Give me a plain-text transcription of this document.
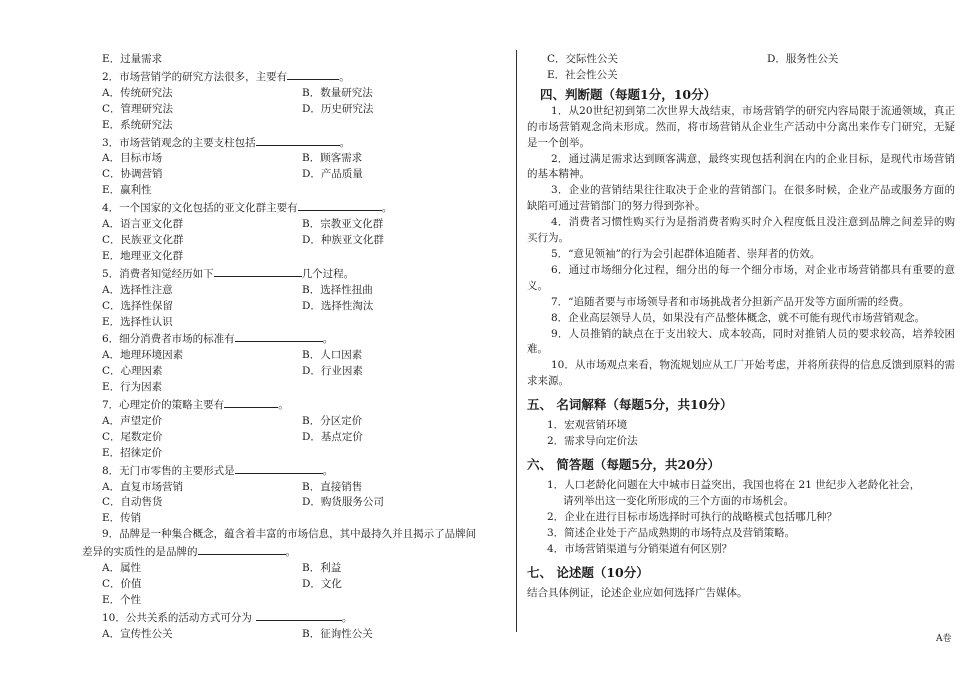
E．过量需求
2．市场营销学的研究方法很多，主要有	。
A．传统研究法	B．数量研究法
C．管理研究法	D．历史研究法
E．系统研究法
3．市场营销观念的主要支柱包括	。
A．目标市场	B．顾客需求
C．协调营销	D．产品质量
E．赢利性
4．一个国家的文化包括的亚文化群主要有	。
A．语言亚文化群	B．宗教亚文化群
C．民族亚文化群	D．种族亚文化群
E．地理亚文化群
5．消费者知觉经历如下	几个过程。
A．选择性注意	B．选择性扭曲
C．选择性保留	D．选择性淘汰
E．选择性认识
6．细分消费者市场的标准有	。
A．地理环境因素	B．人口因素
C．心理因素	D．行业因素
E．行为因素
7．心理定价的策略主要有	。
A．声望定价	B．分区定价
C．尾数定价	D．基点定价
E．招徕定价
8．无门市零售的主要形式是	。
A．直复市场营销	B．直接销售
C．自动售货	D．购货服务公司
E．传销
9．品牌是一种集合概念，蕴含着丰富的市场信息，其中最持久并且揭示了品牌间
差异的实质性的是品牌的	。
A．属性	B．利益
C．价值	D．文化
E．个性
10．公共关系的活动方式可分为	。
A．宣传性公关	B．征询性公关
C．交际性公关	D．服务性公关
E．社会性公关
四、判断题（每题1分，10分）
1．从20世纪初到第二次世界大战结束，市场营销学的研究内容局限于流通领域，真正的市场营销观念尚未形成。然而，将市场营销从企业生产活动中分离出来作专门研究，无疑是一个创举。
2．通过满足需求达到顾客满意，最终实现包括利润在内的企业目标，是现代市场营销的基本精神。
3．企业的营销结果往往取决于企业的营销部门。在很多时候，企业产品或服务方面的缺陷可通过营销部门的努力得到弥补。
4．消费者习惯性购买行为是指消费者购买时介入程度低且没注意到品牌之间差异的购买行为。
5．“意见领袖”的行为会引起群体追随者、崇拜者的仿效。
6．通过市场细分化过程，细分出的每一个细分市场，对企业市场营销都具有重要的意义。
7．“追随者要与市场领导者和市场挑战者分担新产品开发等方面所需的经费。
8．企业高层领导人员，如果没有产品整体概念，就不可能有现代市场营销观念。
9．人员推销的缺点在于支出较大、成本较高，同时对推销人员的要求较高，培养较困难。
10．从市场观点来看，物流规划应从工厂开始考虑，并将所获得的信息反馈到原料的需求来源。
五、 名词解释（每题5分，共10分）
1．宏观营销环境
2．需求导向定价法
六、 简答题（每题5分，共20分）
1．人口老龄化问题在大中城市日益突出，我国也将在 21 世纪步入老龄化社会，
请列举出这一变化所形成的三个方面的市场机会。
2．企业在进行目标市场选择时可执行的战略模式包括哪几种？
3．简述企业处于产品成熟期的市场特点及营销策略。
4．市场营销渠道与分销渠道有何区别？
七、 论述题（10分）
结合具体例证，论述企业应如何选择广告媒体。
A卷
